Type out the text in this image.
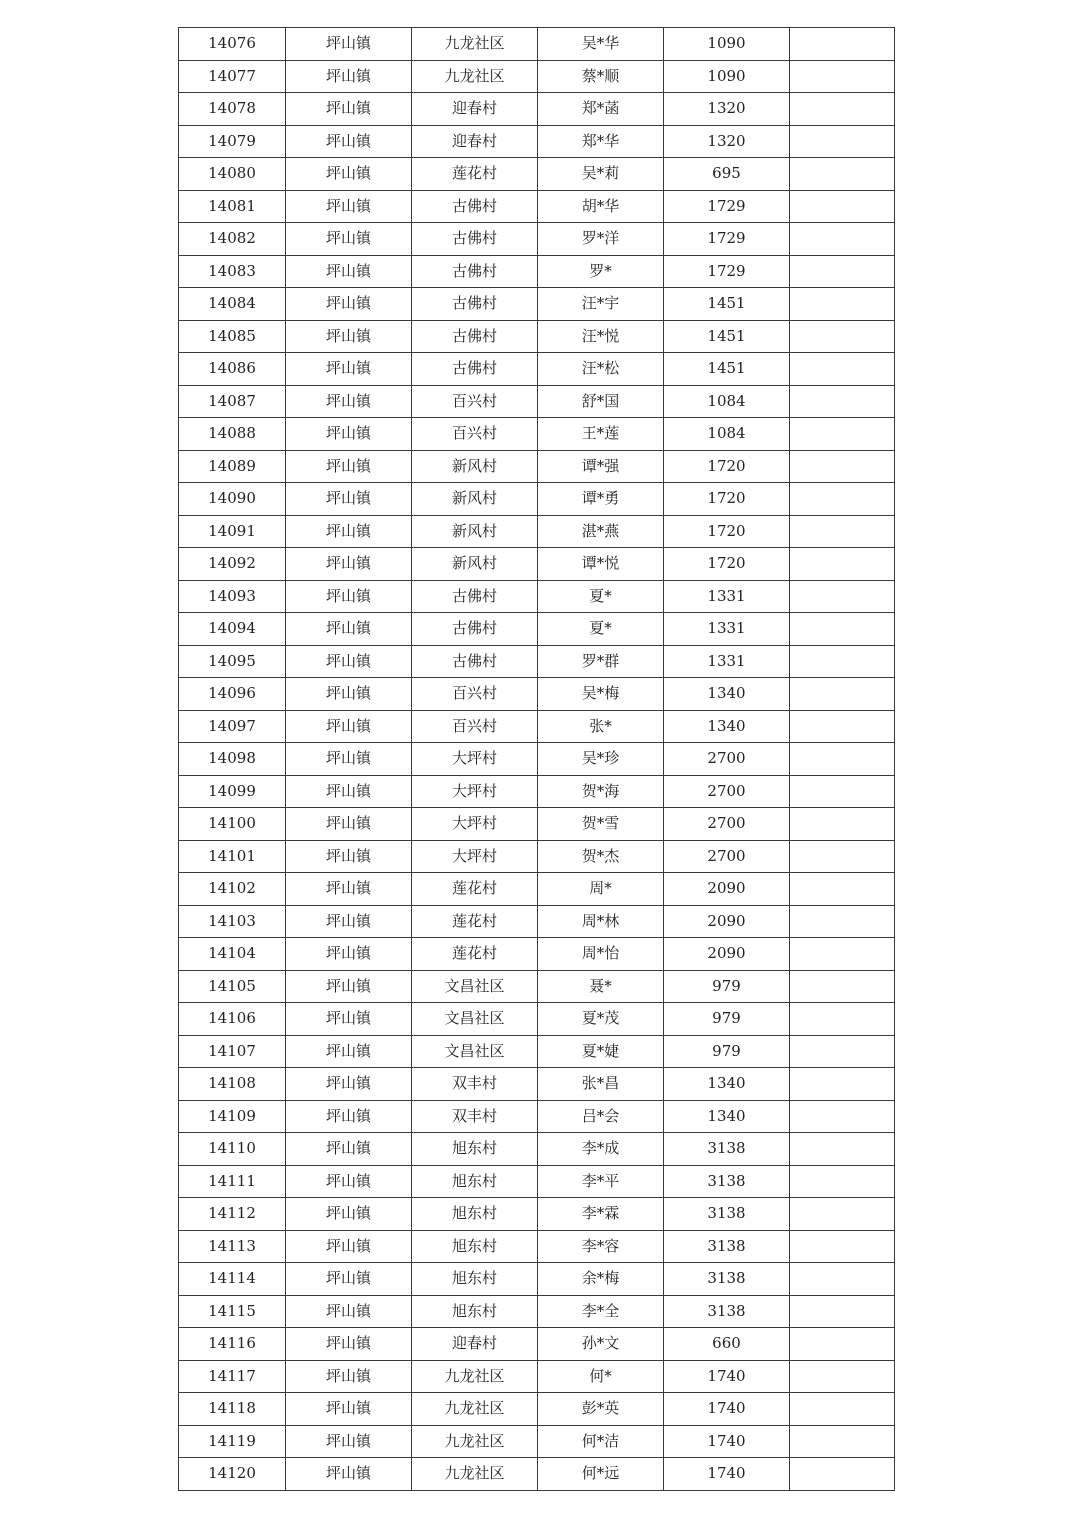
14076	坪山镇	九龙社区	吴*华	1090	
14077	坪山镇	九龙社区	蔡*顺	1090	
14078	坪山镇	迎春村	郑*菡	1320	
14079	坪山镇	迎春村	郑*华	1320	
14080	坪山镇	莲花村	吴*莉	695	
14081	坪山镇	古佛村	胡*华	1729	
14082	坪山镇	古佛村	罗*洋	1729	
14083	坪山镇	古佛村	罗*	1729	
14084	坪山镇	古佛村	汪*宇	1451	
14085	坪山镇	古佛村	汪*悦	1451	
14086	坪山镇	古佛村	汪*松	1451	
14087	坪山镇	百兴村	舒*国	1084	
14088	坪山镇	百兴村	王*莲	1084	
14089	坪山镇	新风村	谭*强	1720	
14090	坪山镇	新风村	谭*勇	1720	
14091	坪山镇	新风村	湛*燕	1720	
14092	坪山镇	新风村	谭*悦	1720	
14093	坪山镇	古佛村	夏*	1331	
14094	坪山镇	古佛村	夏*	1331	
14095	坪山镇	古佛村	罗*群	1331	
14096	坪山镇	百兴村	吴*梅	1340	
14097	坪山镇	百兴村	张*	1340	
14098	坪山镇	大坪村	吴*珍	2700	
14099	坪山镇	大坪村	贺*海	2700	
14100	坪山镇	大坪村	贺*雪	2700	
14101	坪山镇	大坪村	贺*杰	2700	
14102	坪山镇	莲花村	周*	2090	
14103	坪山镇	莲花村	周*林	2090	
14104	坪山镇	莲花村	周*怡	2090	
14105	坪山镇	文昌社区	聂*	979	
14106	坪山镇	文昌社区	夏*茂	979	
14107	坪山镇	文昌社区	夏*婕	979	
14108	坪山镇	双丰村	张*昌	1340	
14109	坪山镇	双丰村	吕*会	1340	
14110	坪山镇	旭东村	李*成	3138	
14111	坪山镇	旭东村	李*平	3138	
14112	坪山镇	旭东村	李*霖	3138	
14113	坪山镇	旭东村	李*容	3138	
14114	坪山镇	旭东村	余*梅	3138	
14115	坪山镇	旭东村	李*全	3138	
14116	坪山镇	迎春村	孙*文	660	
14117	坪山镇	九龙社区	何*	1740	
14118	坪山镇	九龙社区	彭*英	1740	
14119	坪山镇	九龙社区	何*洁	1740	
14120	坪山镇	九龙社区	何*远	1740	
